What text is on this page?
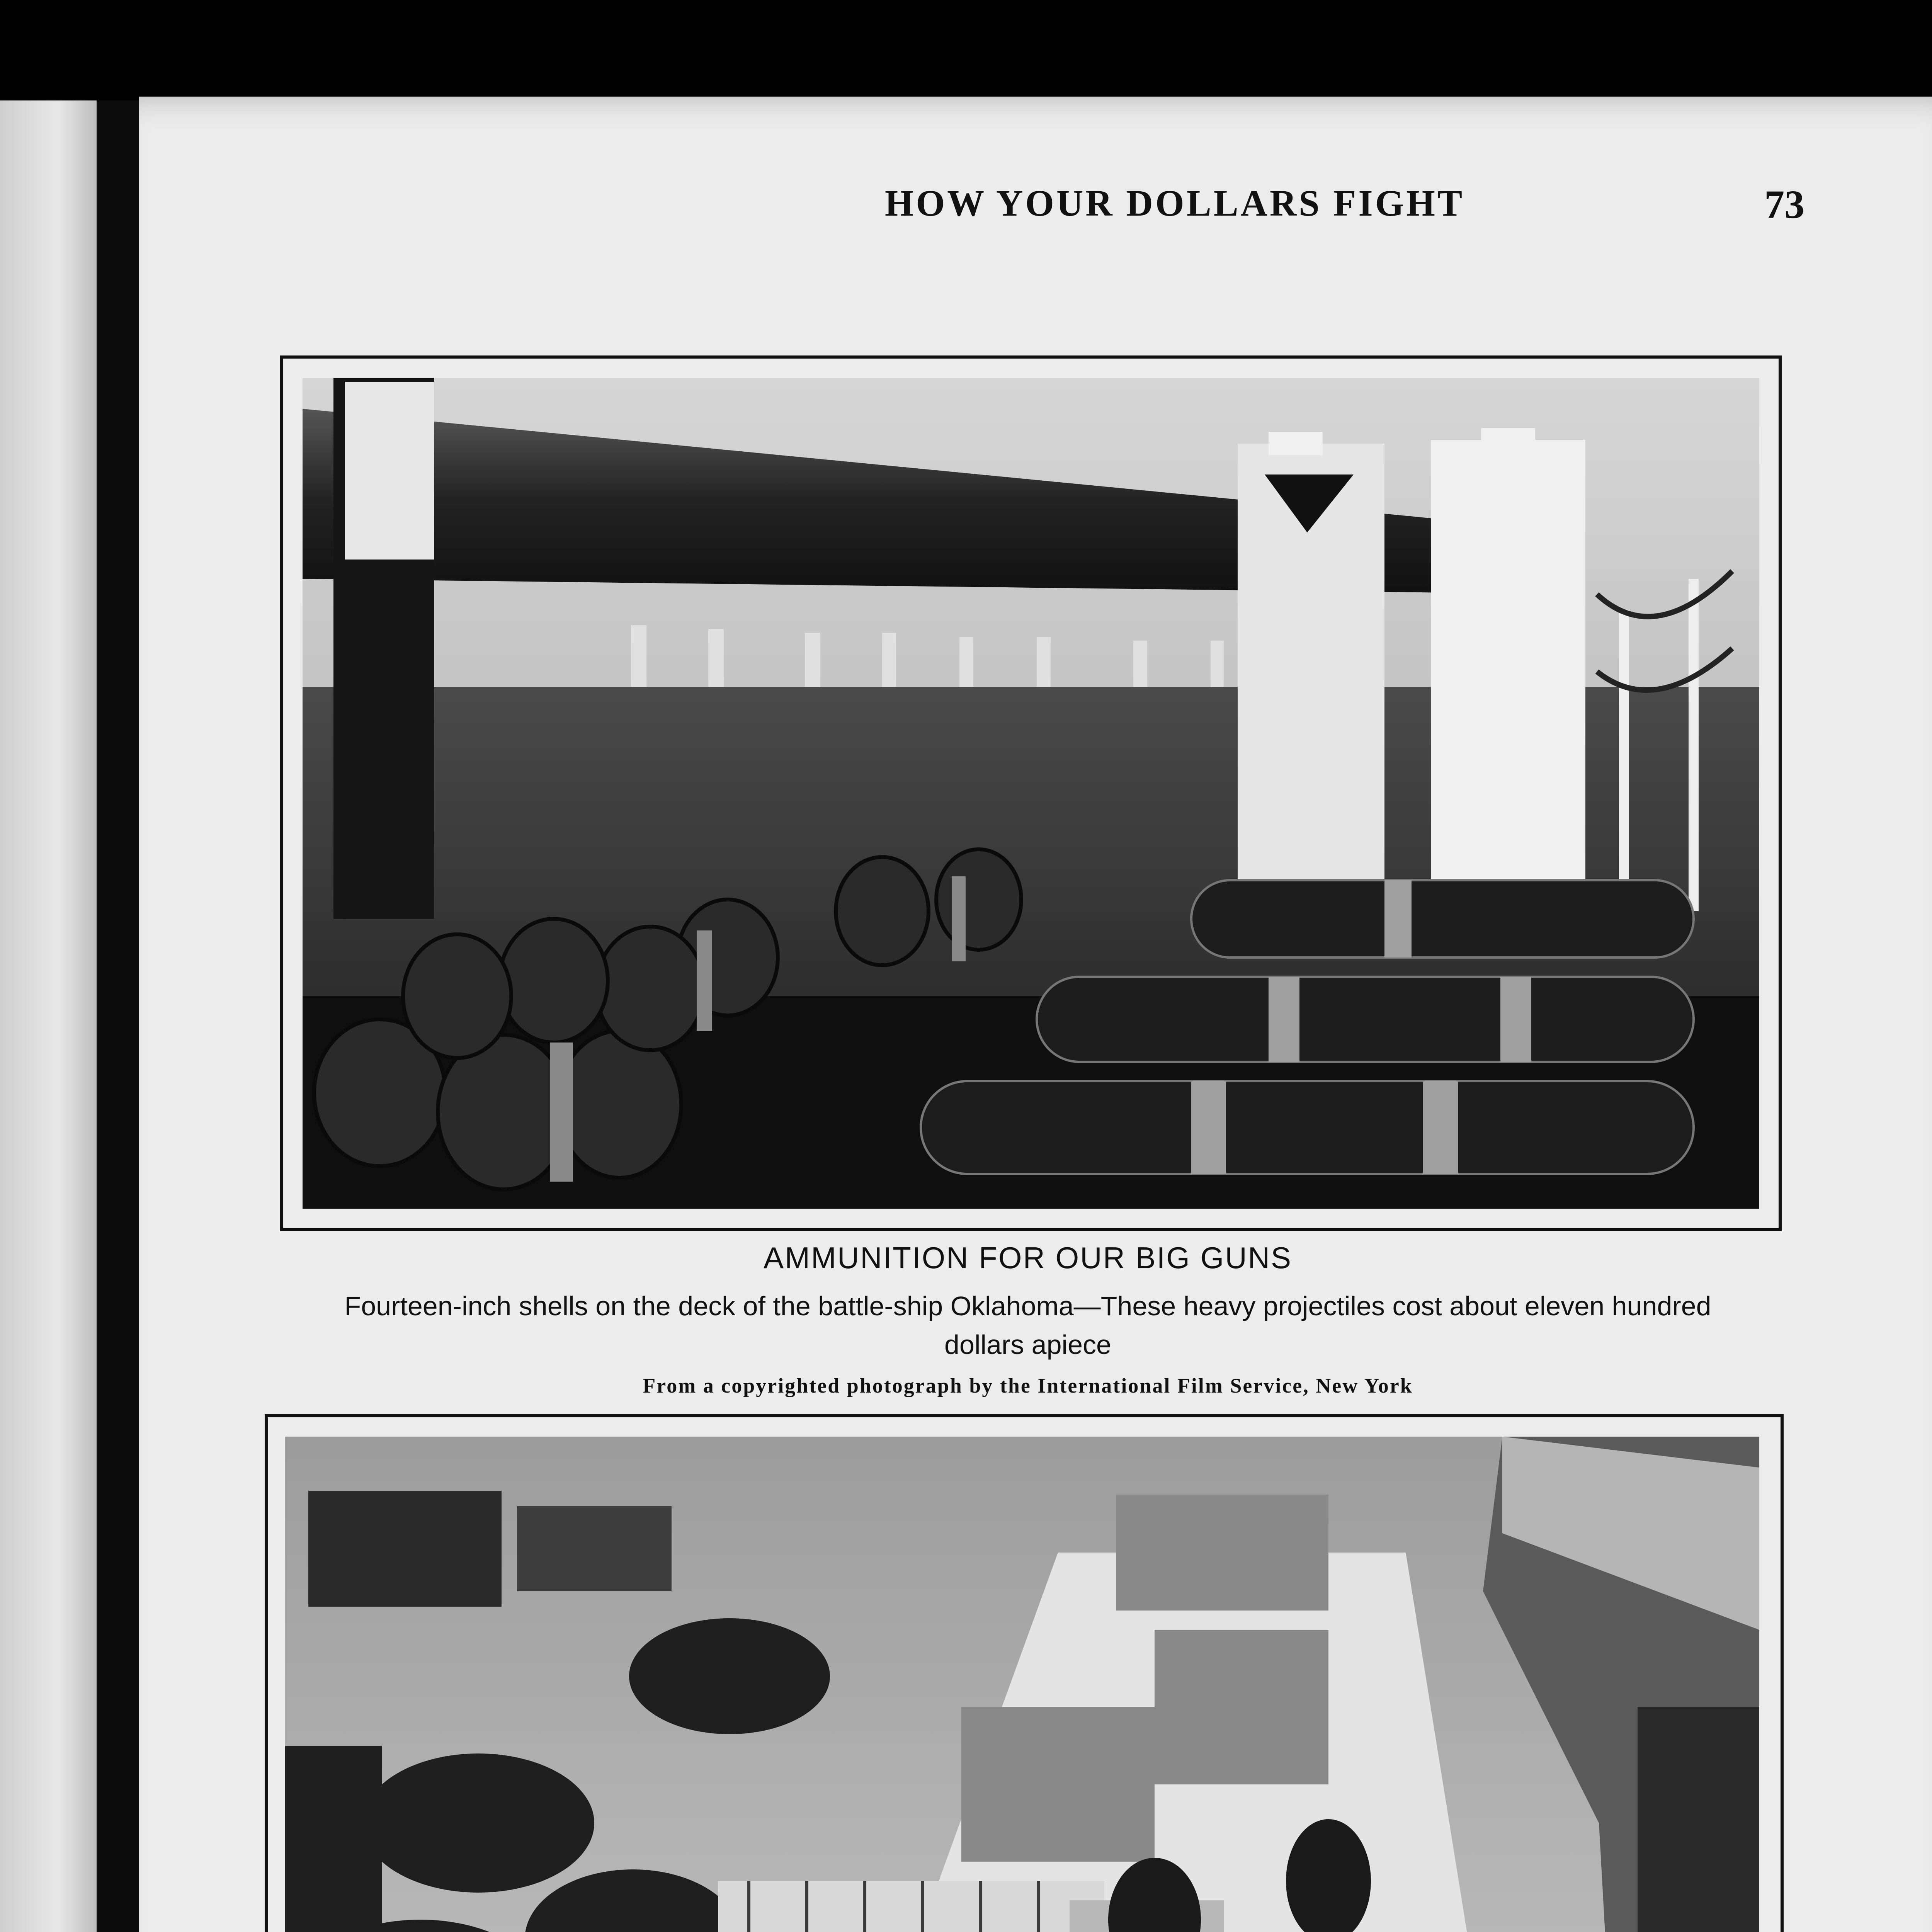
HOW YOUR DOLLARS FIGHT	73
AMMUNITION FOR OUR BIG GUNS
Fourteen-inch shells on the deck of the battle-ship Oklahoma—These heavy projectiles cost about eleven hundred dollars apiece
From a copyrighted photograph by the International Film Service, New York
